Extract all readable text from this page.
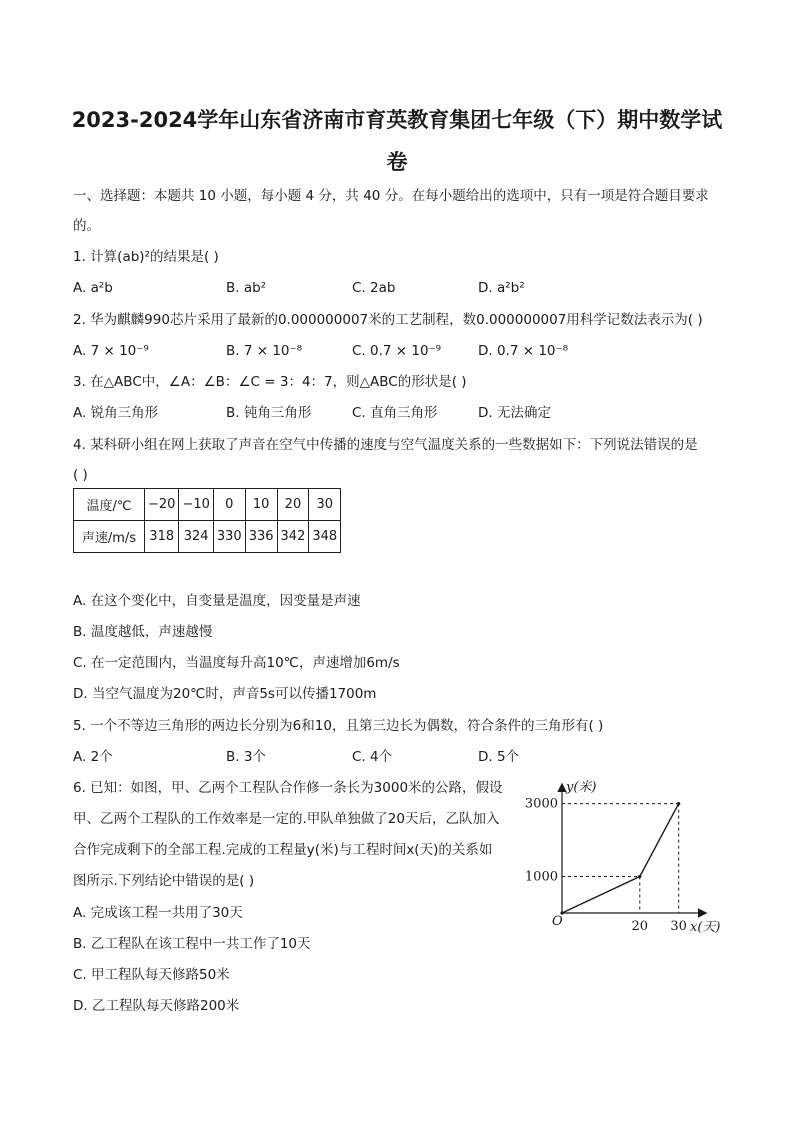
2023-2024学年山东省济南市育英教育集团七年级（下）期中数学试
卷
一、选择题：本题共 10 小题，每小题 4 分，共 40 分。在每小题给出的选项中，只有一项是符合题目要求
的。
1. 计算(ab)²的结果是( )
A. a²b	B. ab²	C. 2ab	D. a²b²
2. 华为麒麟990芯片采用了最新的0.000000007米的工艺制程，数0.000000007用科学记数法表示为( )
A. 7 × 10⁻⁹	B. 7 × 10⁻⁸	C. 0.7 × 10⁻⁹	D. 0.7 × 10⁻⁸
3. 在△ABC中，∠A：∠B：∠C = 3：4：7，则△ABC的形状是( )
A. 锐角三角形	B. 钝角三角形	C. 直角三角形	D. 无法确定
4. 某科研小组在网上获取了声音在空气中传播的速度与空气温度关系的一些数据如下：下列说法错误的是
( )
温度/℃	−20	−10	0	10	20	30
声速/m/s	318	324	330	336	342	348
A. 在这个变化中，自变量是温度，因变量是声速
B. 温度越低，声速越慢
C. 在一定范围内，当温度每升高10℃，声速增加6m/s
D. 当空气温度为20℃时，声音5s可以传播1700m
5. 一个不等边三角形的两边长分别为6和10，且第三边长为偶数，符合条件的三角形有( )
A. 2个	B. 3个	C. 4个	D. 5个
6. 已知：如图，甲、乙两个工程队合作修一条长为3000米的公路，假设
甲、乙两个工程队的工作效率是一定的.甲队单独做了20天后，乙队加入
合作完成剩下的全部工程.完成的工程量y(米)与工程时间x(天)的关系如
图所示.下列结论中错误的是( )
A. 完成该工程一共用了30天
B. 乙工程队在该工程中一共工作了10天
C. 甲工程队每天修路50米
D. 乙工程队每天修路200米
y(米)
x(天)
O
1000
3000
20 30
